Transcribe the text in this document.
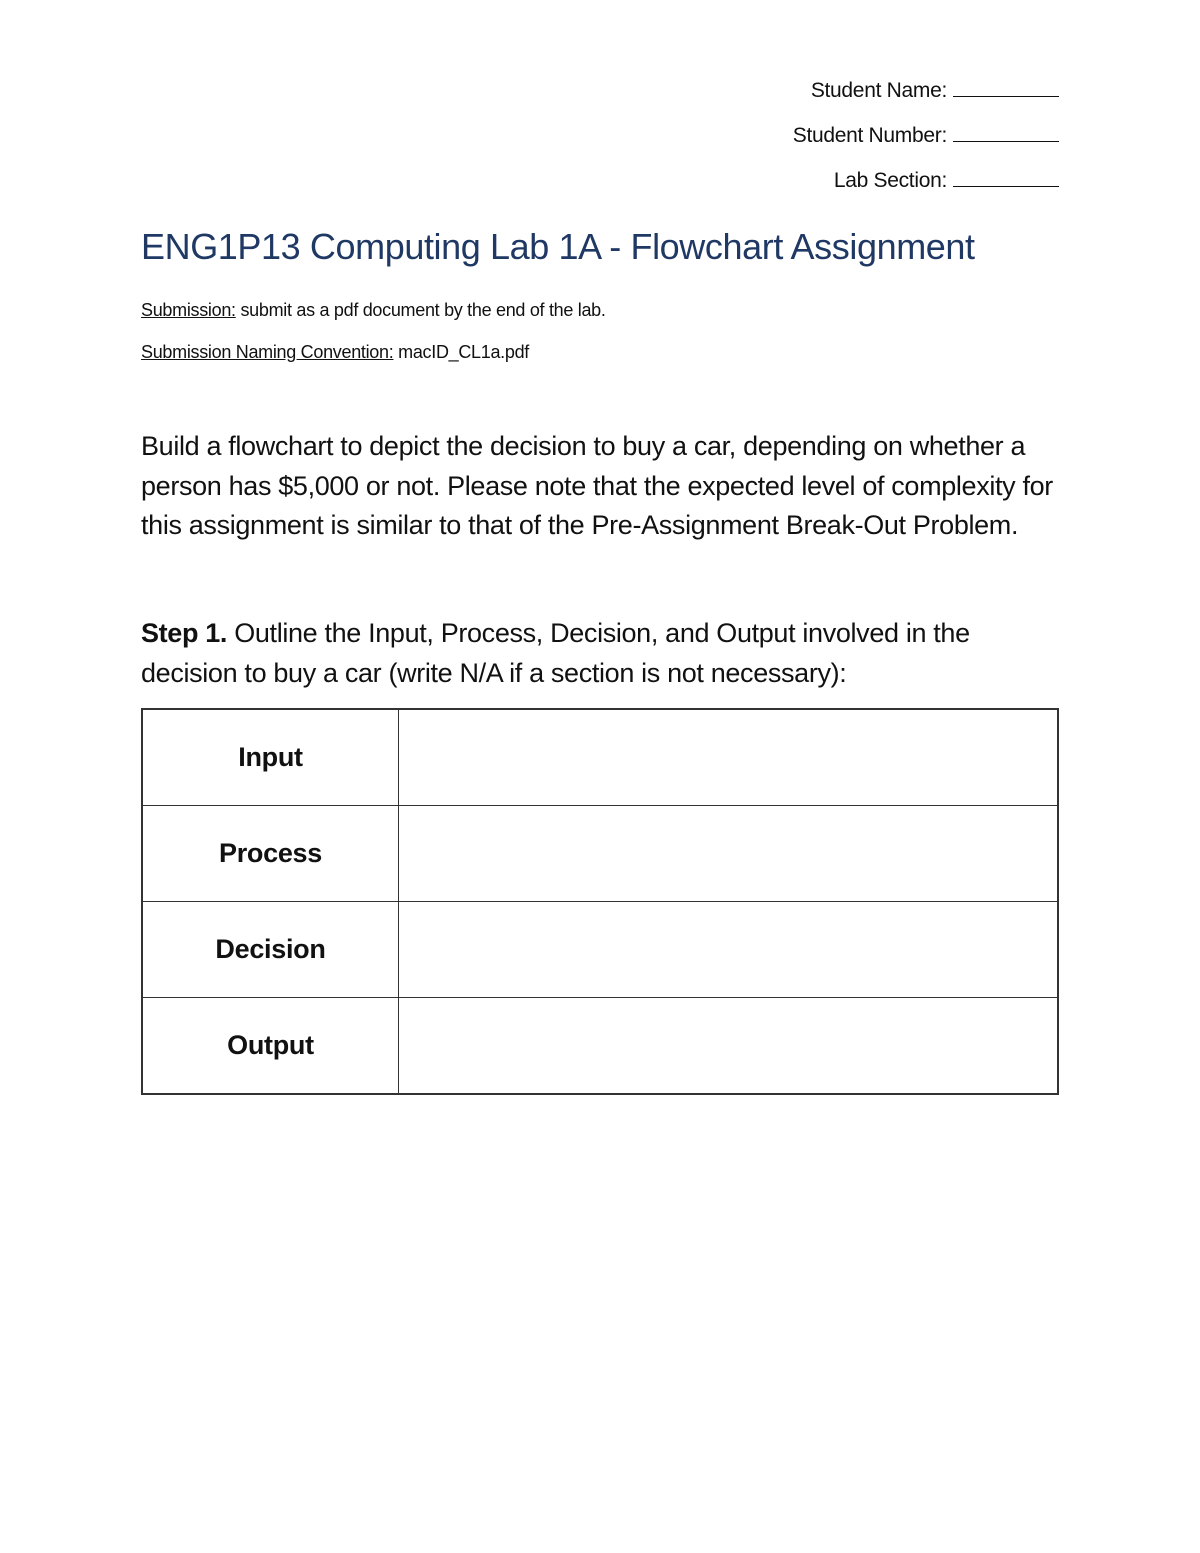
Student Name:
Student Number:
Lab Section:
ENG1P13 Computing Lab 1A - Flowchart Assignment
Submission: submit as a pdf document by the end of the lab.
Submission Naming Convention: macID_CL1a.pdf

Build a flowchart to depict the decision to buy a car, depending on whether a person has $5,000 or not. Please note that the expected level of complexity for this assignment is similar to that of the Pre-Assignment Break-Out Problem.

Step 1. Outline the Input, Process, Decision, and Output involved in the decision to buy a car (write N/A if a section is not necessary):

Input	
Process	
Decision	
Output	
